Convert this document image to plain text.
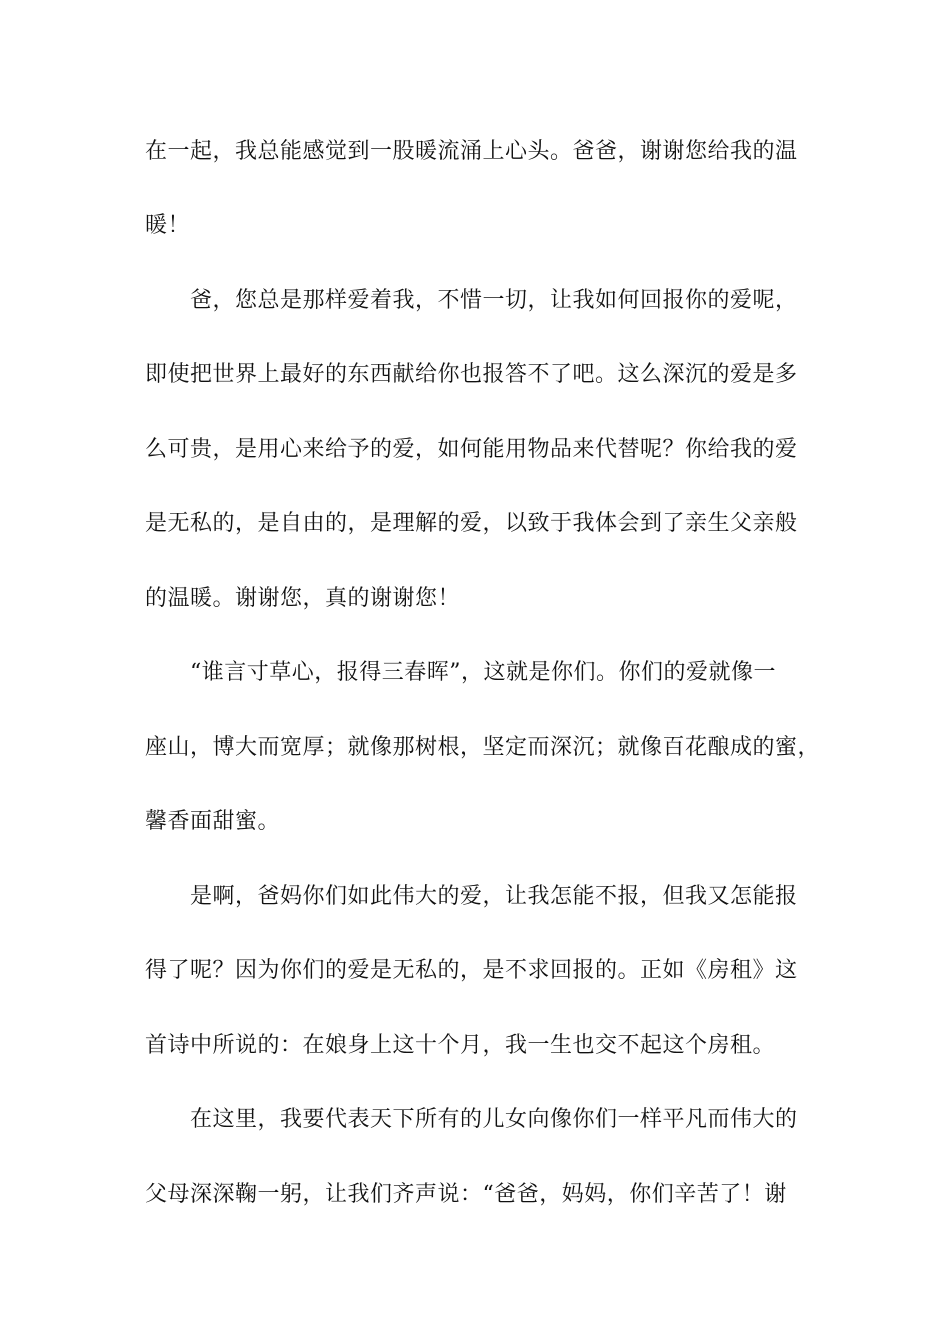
在一起，我总能感觉到一股暖流涌上心头。爸爸，谢谢您给我的温
暖！
爸，您总是那样爱着我，不惜一切，让我如何回报你的爱呢，
即使把世界上最好的东西献给你也报答不了吧。这么深沉的爱是多
么可贵，是用心来给予的爱，如何能用物品来代替呢？你给我的爱
是无私的，是自由的，是理解的爱，以致于我体会到了亲生父亲般
的温暖。谢谢您，真的谢谢您！
“谁言寸草心，报得三春晖”，这就是你们。你们的爱就像一
座山，博大而宽厚；就像那树根，坚定而深沉；就像百花酿成的蜜，
馨香面甜蜜。
是啊，爸妈你们如此伟大的爱，让我怎能不报，但我又怎能报
得了呢？因为你们的爱是无私的，是不求回报的。正如《房租》这
首诗中所说的：在娘身上这十个月，我一生也交不起这个房租。
在这里，我要代表天下所有的儿女向像你们一样平凡而伟大的
父母深深鞠一躬，让我们齐声说：“爸爸，妈妈，你们辛苦了！谢
